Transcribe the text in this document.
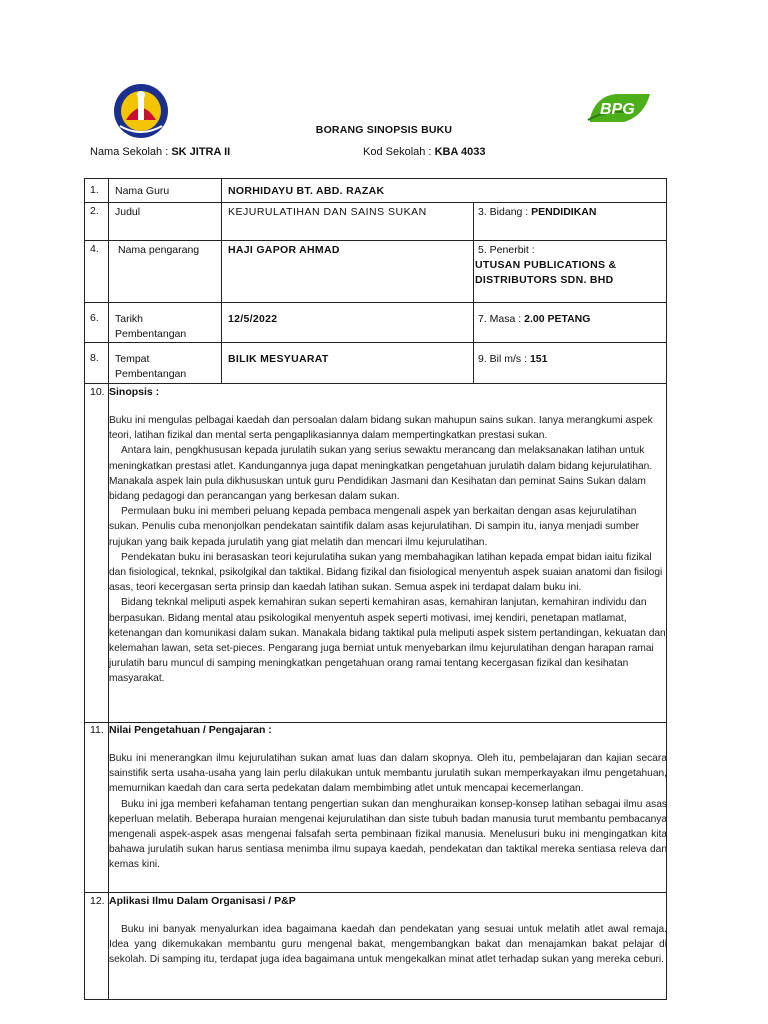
BPG
BORANG SINOPSIS BUKU
Nama Sekolah : SK JITRA II	Kod Sekolah : KBA 4033
1. Nama Guru	NORHIDAYU BT. ABD. RAZAK
2. Judul	KEJURULATIHAN DAN SAINS SUKAN	3. Bidang : PENDIDIKAN
4. Nama pengarang	HAJI GAPOR AHMAD	5. Penerbit :
UTUSAN PUBLICATIONS &
DISTRIBUTORS SDN. BHD
6. Tarikh
Pembentangan
12/5/2022	7. Masa : 2.00 PETANG
8. Tempat
Pembentangan
BILIK MESYUARAT	9. Bil m/s : 151
10. Sinopsis :

Buku ini mengulas pelbagai kaedah dan persoalan dalam bidang sukan mahupun sains sukan. Ianya merangkumi aspek teori, latihan fizikal dan mental serta pengaplikasiannya dalam mempertingkatkan prestasi sukan.

Antara lain, pengkhususan kepada jurulatih sukan yang serius sewaktu merancang dan melaksanakan latihan untuk meningkatkan prestasi atlet. Kandungannya juga dapat meningkatkan pengetahuan jurulatih dalam bidang kejurulatihan. Manakala aspek lain pula dikhususkan untuk guru Pendidikan Jasmani dan Kesihatan dan peminat Sains Sukan dalam bidang pedagogi dan perancangan yang berkesan dalam sukan.

Permulaan buku ini memberi peluang kepada pembaca mengenali aspek yan berkaitan dengan asas kejurulatihan sukan. Penulis cuba menonjolkan pendekatan saintifik dalam asas kejurulatihan. Di sampin itu, ianya menjadi sumber rujukan yang baik kepada jurulatih yang giat melatih dan mencari ilmu kejurulatihan.

Pendekatan buku ini berasaskan teori kejurulatiha sukan yang membahagikan latihan kepada empat bidan iaitu fizikal dan fisiological, teknkal, psikolgikal dan taktikal. Bidang fizikal dan fisiological menyentuh aspek suaian anatomi dan fisilogi asas, teori kecergasan serta prinsip dan kaedah latihan sukan. Semua aspek ini terdapat dalam buku ini.

Bidang teknkal meliputi aspek kemahiran sukan seperti kemahiran asas, kemahiran lanjutan, kemahiran individu dan berpasukan. Bidang mental atau psikologikal menyentuh aspek seperti motivasi, imej kendiri, penetapan matlamat, ketenangan dan komunikasi dalam sukan. Manakala bidang taktikal pula meliputi aspek sistem pertandingan, kekuatan dan kelemahan lawan, seta set-pieces. Pengarang juga berniat untuk menyebarkan ilmu kejurulatihan dengan harapan ramai jurulatih baru muncul di samping meningkatkan pengetahuan orang ramai tentang kecergasan fizikal dan kesihatan masyarakat.

11. Nilai Pengetahuan / Pengajaran :

Buku ini menerangkan ilmu kejurulatihan sukan amat luas dan dalam skopnya. Oleh itu, pembelajaran dan kajian secara sainstifik serta usaha-usaha yang lain perlu dilakukan untuk membantu jurulatih sukan memperkayakan ilmu pengetahuan, memurnikan kaedah dan cara serta pedekatan dalam membimbing atlet untuk mencapai kecemerlangan.

Buku ini jga memberi kefahaman tentang pengertian sukan dan menghuraikan konsep-konsep latihan sebagai ilmu asas keperluan melatih. Beberapa huraian mengenai kejurulatihan dan siste tubuh badan manusia turut membantu pembacanya mengenali aspek-aspek asas mengenai falsafah serta pembinaan fizikal manusia. Menelusuri buku ini mengingatkan kita bahawa jurulatih sukan harus sentiasa menimba ilmu supaya kaedah, pendekatan dan taktikal mereka sentiasa releva dan kemas kini.

12. Aplikasi Ilmu Dalam Organisasi / P&P

Buku ini banyak menyalurkan idea bagaimana kaedah dan pendekatan yang sesuai untuk melatih atlet awal remaja. Idea yang dikemukakan membantu guru mengenal bakat, mengembangkan bakat dan menajamkan bakat pelajar di sekolah. Di samping itu, terdapat juga idea bagaimana untuk mengekalkan minat atlet terhadap sukan yang mereka ceburi.
